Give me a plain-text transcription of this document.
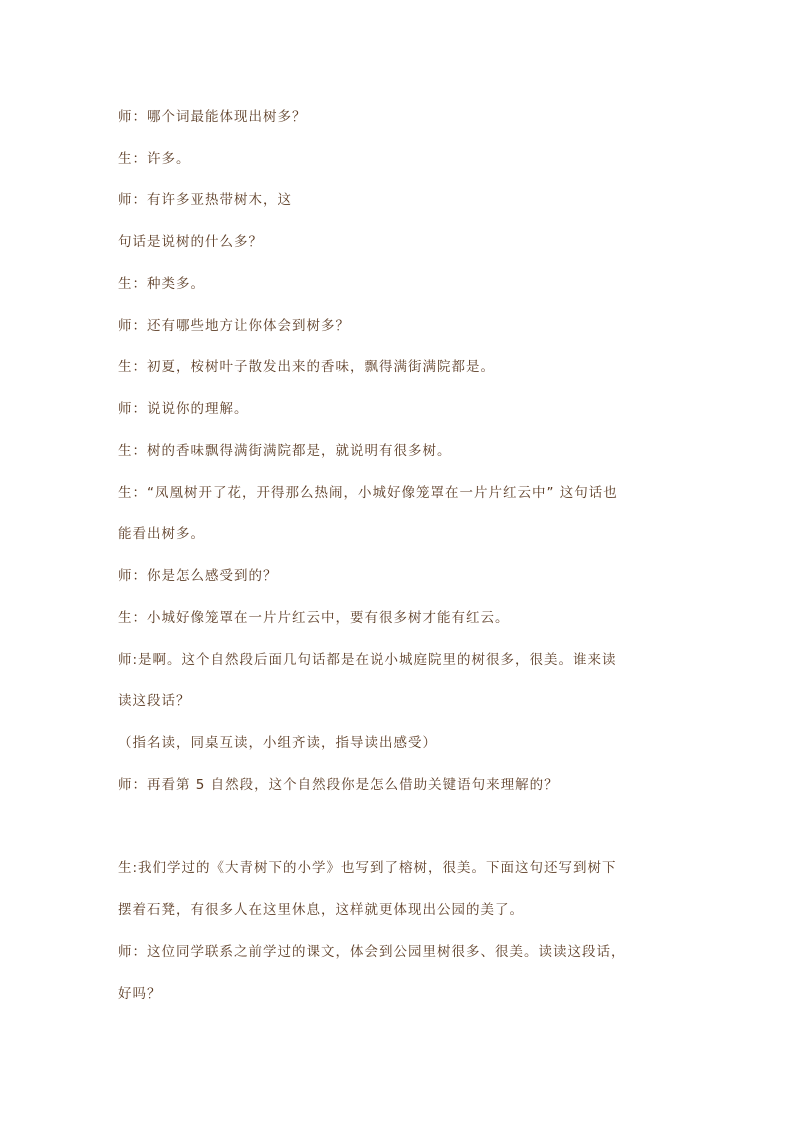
师：哪个词最能体现出树多？

生：许多。

师：有许多亚热带树木，这

句话是说树的什么多？

生：种类多。

师：还有哪些地方让你体会到树多？

生：初夏，桉树叶子散发出来的香味，飘得满街满院都是。

师：说说你的理解。

生：树的香味飘得满街满院都是，就说明有很多树。

生：“凤凰树开了花，开得那么热闹，小城好像笼罩在一片片红云中” 这句话也

能看出树多。

师：你是怎么感受到的？

生：小城好像笼罩在一片片红云中，要有很多树才能有红云。

师:是啊。这个自然段后面几句话都是在说小城庭院里的树很多，很美。谁来读

读这段话？

（指名读，同桌互读，小组齐读，指导读出感受）

师：再看第 5 自然段，这个自然段你是怎么借助关键语句来理解的？

生:我们学过的《大青树下的小学》也写到了榕树，很美。下面这句还写到树下

摆着石凳，有很多人在这里休息，这样就更体现出公园的美了。

师：这位同学联系之前学过的课文，体会到公园里树很多、很美。读读这段话，

好吗？
